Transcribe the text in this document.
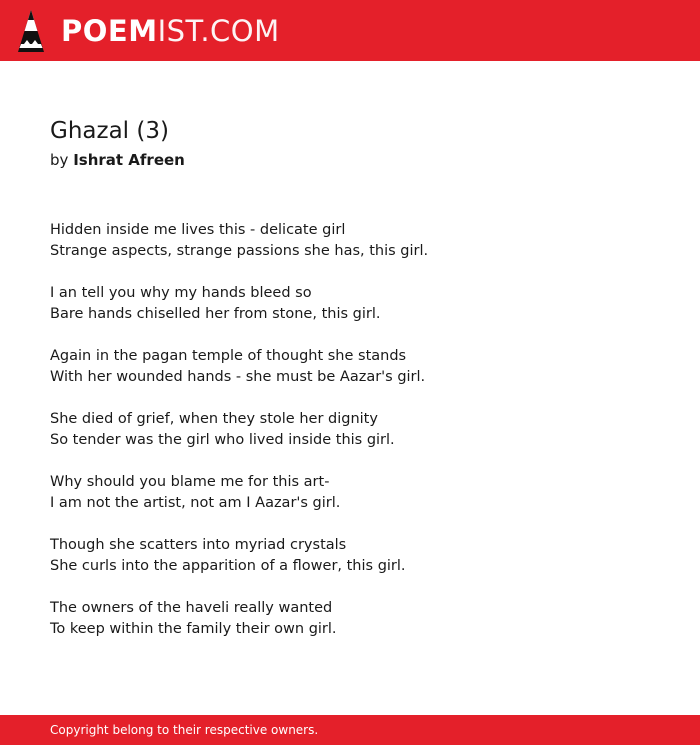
POEMIST.COM
Ghazal (3)
by Ishrat Afreen

Hidden inside me lives this - delicate girl
Strange aspects, strange passions she has, this girl.

I an tell you why my hands bleed so
Bare hands chiselled her from stone, this girl.

Again in the pagan temple of thought she stands
With her wounded hands - she must be Aazar's girl.

She died of grief, when they stole her dignity
So tender was the girl who lived inside this girl.

Why should you blame me for this art-
I am not the artist, not am I Aazar's girl.

Though she scatters into myriad crystals
She curls into the apparition of a flower, this girl.

The owners of the haveli really wanted
To keep within the family their own girl.

Copyright belong to their respective owners.
